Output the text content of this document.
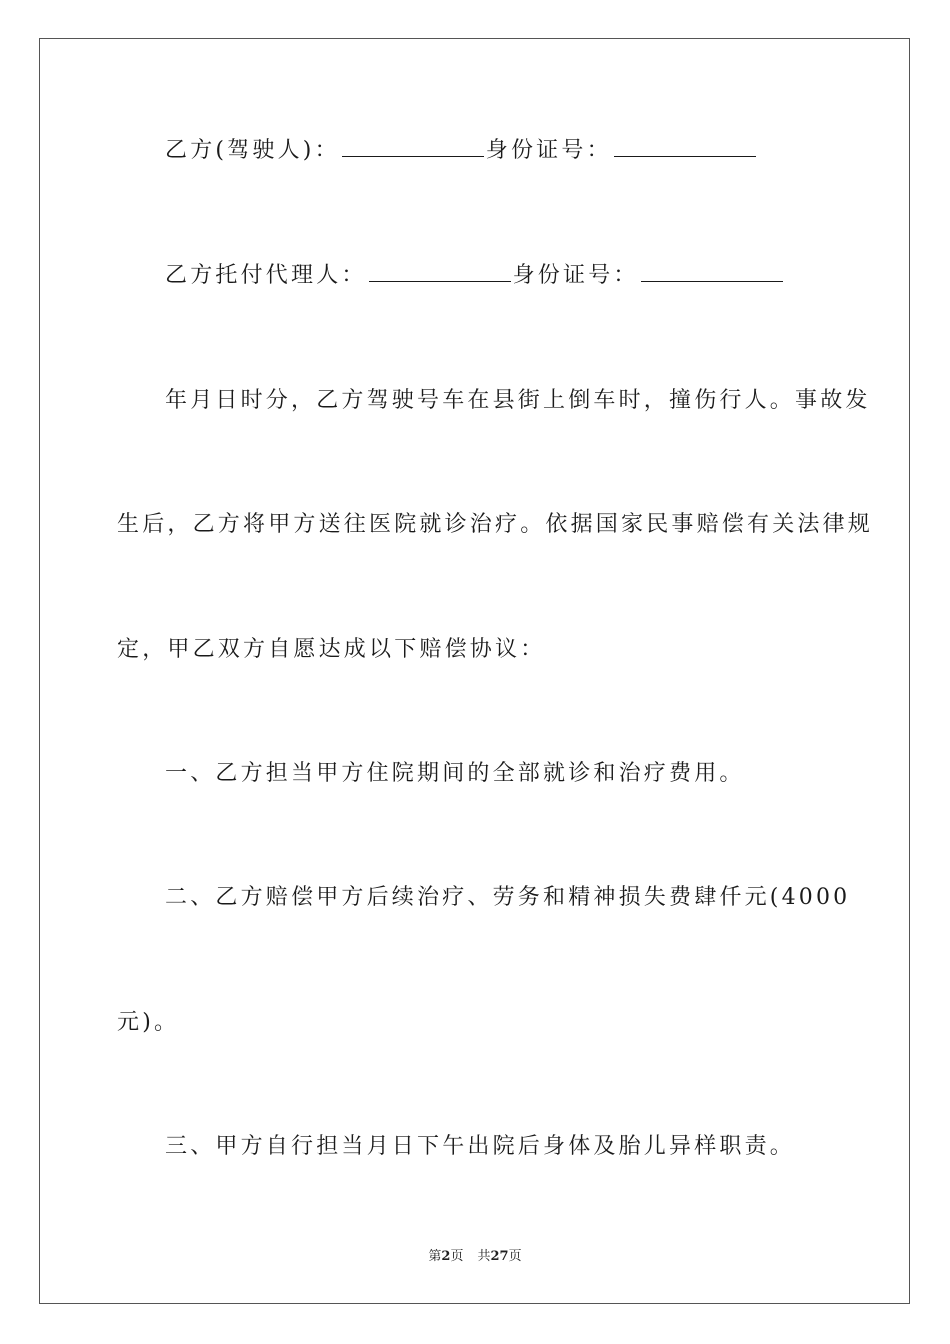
乙方(驾驶人)：	身份证号：
乙方托付代理人：	身份证号：
年月日时分，乙方驾驶号车在县街上倒车时，撞伤行人。事故发
生后，乙方将甲方送往医院就诊治疗。依据国家民事赔偿有关法律规
定，甲乙双方自愿达成以下赔偿协议：
一、乙方担当甲方住院期间的全部就诊和治疗费用。
二、乙方赔偿甲方后续治疗、劳务和精神损失费肆仟元(4000
元)。
三、甲方自行担当月日下午出院后身体及胎儿异样职责。
第2页 共27页
